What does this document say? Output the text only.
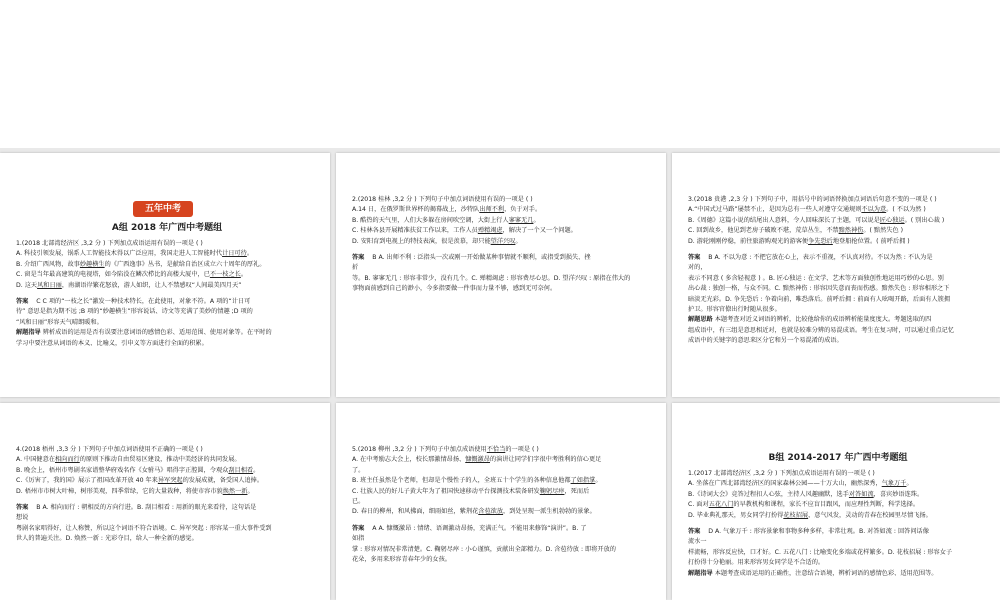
五年中考

A组 2018 年广西中考题组

1.(2018 北部湾经济区 ,3,2 分 ) 下列加点成语运用有误的一项是 ( )

A. 科技引领发展，锅系人工智能技术得以广泛应用，我国走进人工智能时代计日可待。

B. 介绍广西风物，故事妙趣横生的《广西逸事》丛书，是献给自治区成立六十周年的厚礼。

C. 窗是当年最高建筑的电视塔，如今陷没在鳞次栉比的高楼大厦中，已不一枝之长。

D. 这天风和日丽，南湖语岸繁花怒放，游人如织，让人不禁感叹“人间最美四月天”

答案 C C 项的“一枝之长”激发一种技术特长，在此使用，对象不符。A 项的“计日可

待” 意思是指为期不远 ;B 项的“妙趣横生”形容说话、诗文等充满了美妙的情趣 ;D 项的

“风和日丽”形容天气晴朗暖和。

解题指导 辨析成语的运用是否有误要注意词语的感情色彩、适用范围、使用对象等。在平时的

学习中要注意从词语的本义、比喻义，引申义等方面进行全面的积累。

2.(2018 桂林 ,3,2 分 ) 下列句子中加点词语使用有误的一项是 ( )

A.14 日，在俄罗斯世界杯的揭幕战上，沙特队出师不利，负于对手。

B. 酷热的天气里，人们大多躲在房间吹空调，大街上行人寥寥无几。

C. 桂林各县开展精准扶贫工作以来，工作人员殚精竭虑，解决了一个又一个问题。

D. 安阳育到电视上的特技表演，很是羡慕，却只能望洋兴叹。

答案 B A. 出师不利 : 泛指头一次或刚一开始做某种事情就不顺利，或指受到损失、挫

折

等。B. 寥寥无几 : 形容非常少，没有几个。C. 殚精竭虑 : 形容费尽心思。D. 望洋兴叹 : 原指在伟大的

事物面前感到自己的渺小，今多指要做一件事而力量不够，感到无可奈何。

3.(2018 贵港 ,2,3 分 ) 下列句子中，用括号中的词语替换加点词语后句意不变的一项是 ( )

A.“中国式过马路”屡禁不止，是因为总有一些人对遵守交通规则不以为意。( 不以为然 )

B.《周德》这篇小说的结尾出人意料，令人回味深长了主题，可以说是匠心独运。( 别出心裁 )

C. 回到故乡，他见到老房子破败不堪，荒草丛生，不禁黯然神伤。( 黯然失色 )

D. 游轮刚刚停稳，前往旅游购观光的游客便争先恐后地登船抢位置。( 前呼后拥 )

答案 B A. 不以为意 : 不把它放在心上，表示不重视，不认真对待。不以为然 : 不认为是

对的，

表示不同意 ( 多含轻视意 ) 。B. 匠心独运 : 在文学、艺术等方面独创性地运用巧妙的心思。别

出心裁 : 独创一格，与众不同。C. 黯然神伤 : 形容因失意而丧而伤感。黯然失色 : 形容相形之下

暗淡无光彩。D. 争先恐后 : 争着向前，唯恐落后。前呼后拥 : 前面有人吆喝开路，后面有人簇拥

护卫。形容官僚出行时随从很多。

解题思路 本题考查对近义词语的辨析，比较他给你的成语辨析能量度度大。考题选取的四

组成语中，有三组是意思相近对，也就是较难分辨的易混成语。考生在复习时，可以通过重点记忆

成语中的关键字的意思来区分它和另一个易混淆的成语。

4.(2018 梧州 ,3,3 分 ) 下列句子中加点词语使用不正确的一项是 ( )

A. 中国健意在相向而行的原则下推动自由贸易区建设，推动中美经济的共同发展。

B. 晚会上，梧州市粤剧名家谱整华府戏名作《女驸马》唱得字正腔圆，令观众刮目相看。

C.《厉害了，我的国》展示了祖国改革开放 40 年来异军突起的发展成就，备受国人追捧。

D. 梧州市市树大叶樟，树形美观，四季常绿，它的大量栽种，将使市容市貌焕然一新。

答案 B A. 相向而行 : 朝相反的方向行进。B. 刮目相看 : 用新的眼光来看待，这句话是

想说

粤剧名家唱得好，让人称赞，所以这个词语不符合语境。C. 异军突起 : 形容某一重大事件受到

世人的普遍关注。D. 焕然一新 : 光彩夺目，给人一种全新的感觉。

5.(2018 柳州 ,3,2 分 ) 下列句子中加点成语使用不恰当的一项是 ( )

A. 在中考励志大会上，校长那激情昂扬、慷慨激昂的演讲让同学们字很中考胜利的信心更足

了。

B. 班主任虽然是个老师，但却是个慢性子的人，全班五十个学生的各种信息他都了如指掌。

C. 壮族人民的好儿子黄大年为了祖国快速移动平台探测技术装备研发鞠躬尽瘁，死而后

已。

D. 春日的柳州，和风拂面，细雨如丝，紫荆花含苞欲放，到处呈现一派生机勃勃的景象。

答案 A A. 慷慨激昂 : 情绪、语调激动昂扬，充满正气。不能用来修饰“演讲”。B. 了

如指

掌 : 形容对情况非常清楚。C. 鞠躬尽瘁 : 小心谨慎，贡献出全部精力。D. 含苞待放 : 即将开放的

花朵，多用来形容青春年少的女孩。

B组 2014-2017 年广西中考题组

1.(2017 北部湾经济区 ,3,2 分 ) 下列加点成语运用有误的一项是 ( )

A. 坐落在广西北部湾经济区的国家森林公园——十万大山，幽然深秀，气象万千。

B.《诗词大会》竞答过程扣人心弦，主持人风趣幽默，选手对答如流，喜宾妙语连珠。

C. 面对五花八门的早教机构和课程，家长不应盲目跟风，而应理性判断，科学选择。

D. 毕业典礼那天，男女同学打扮得花枝招展，意气风发，灵动的青春在校园里尽情飞扬。

答案 D A. 气象万千 : 形容景象和事物多种多样，非常壮观。B. 对答如流 : 回答问话像

流水一

样流畅，形容反应快，口才好。C. 五花八门 : 比喻变化多端或花样繁多。D. 花枝招展 : 形容女子

打扮得十分艳丽。用来形容男女同学是不合适的。

解题指导 本题考查成语运用的正确性，注意结合语境，辨析词语的感情色彩、适用范围等。
